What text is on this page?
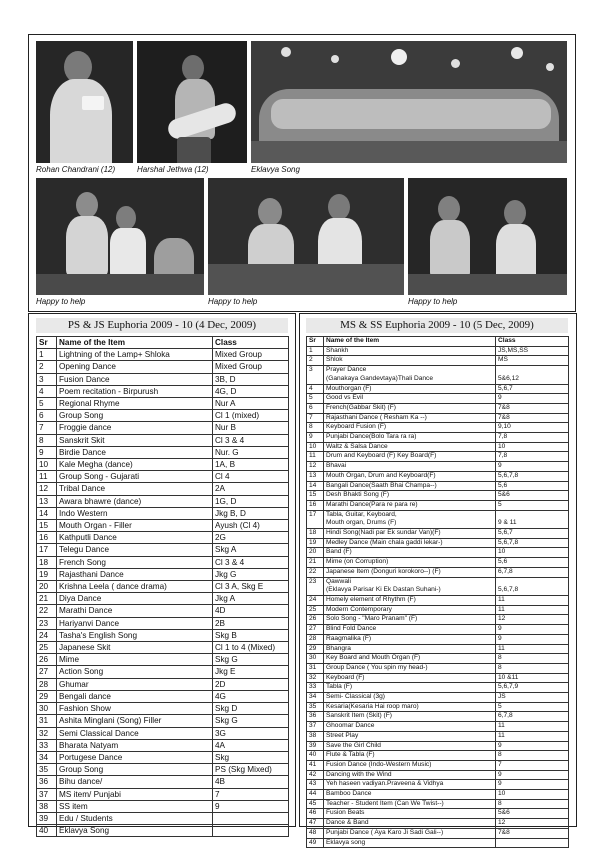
Rohan Chandrani (12)	Harshal Jethwa (12)	Eklavya Song
Happy to help	Happy to help	Happy to help
PS & JS Euphoria 2009 - 10 (4 Dec, 2009)
Sr	Name of the Item	Class
1	Lightning of the Lamp+ Shloka	Mixed Group
2	Opening Dance	Mixed Group
3	Fusion Dance	3B, D
4	Poem recitation - Birpurush	4G, D
5	Regional Rhyme	Nur A
6	Group Song	Cl 1 (mixed)
7	Froggie dance	Nur B
8	Sanskrit Skit	Cl 3 & 4
9	Birdie Dance	Nur. G
10	Kale Megha (dance)	1A, B
11	Group Song - Gujarati	Cl 4
12	Tribal Dance	2A
13	Awara bhawre (dance)	1G, D
14	Indo Western	Jkg B, D
15	Mouth Organ - Filler	Ayush (Cl 4)
16	Kathputli Dance	2G
17	Telegu Dance	Skg A
18	French Song	Cl 3 & 4
19	Rajasthani Dance	Jkg G
20	Krishna Leela ( dance drama)	Cl 3 A, Skg E
21	Diya Dance	Jkg A
22	Marathi Dance	4D
23	Hariyanvi Dance	2B
24	Tasha's English Song	Skg B
25	Japanese Skit	Cl 1 to 4 (Mixed)
26	Mime	Skg G
27	Action Song	Jkg E
28	Ghumar	2D
29	Bengali dance	4G
30	Fashion Show	Skg D
31	Ashita Minglani (Song) Filler	Skg G
32	Semi Classical Dance	3G
33	Bharata Natyam	4A
34	Portugese Dance	Skg
35	Group Song	PS (Skg Mixed)
36	Bihu dance/	4B
37	MS item/ Punjabi	7
38	SS item	9
39	Edu / Students	
40	Eklavya Song	
MS & SS Euphoria 2009 - 10 (5 Dec, 2009)
Sr	Name of the Item	Class
1	Shankh	JS,MS,SS

2	Shlok	MS

3	Prayer Dance
(Ganakaya Gandevtaya)Thali Dance	5&6,12

4	Mouthorgan (F)	5,6,7

5	Good vs Evil	9

6	French(Gabbar Skit) (F)	7&8

7	Rajasthani Dance ( Resham Ka --)	7&8

8	Keyboard Fusion (F)	9,10

9	Punjabi Dance(Bolo Tara ra ra)	7,8

10	Waltz & Salsa Dance	10

11	Drum and Keyboard (F) Key Board(F)	7,8

12	Bhavai	9

13	Mouth Organ, Drum and Keyboard(F)	5,6,7,8

14	Bangali Dance(Saath Bhai Champa--)	5,6

15	Desh Bhakti Song (F)	5&6

16	Marathi Dance(Para re para re)	5

17	Tabla, Guitar, Keyboard,
Mouth organ, Drums (F)	9 & 11

18	Hindi Song(Nadi par Ek sundar Van)(F)	5,6,7

19	Medley Dance (Main chala gaddi lekar-)	5,6,7,8

20	Band (F)	10

21	Mime (on Corruption)	5,6

22	Japanese Item (Donguri korokoro--) (F)	6,7,8

23	Qawwali
(Eklavya Parisar Ki Ek Dastan Suhani-)	5,6,7,8

24	Homely element of Rhythm (F)	11

25	Modern Contemporary	11

26	Solo Song - "Maro Pranam" (F)	12

27	Blind Fold Dance	9

28	Raagmalika (F)	9

29	Bhangra	11

30	Key Board and Mouth Organ (F)	8

31	Group Dance ( You spin my head-)	8

32	Keyboard (F)	10 &11

33	Tabla (F)	5,6,7,9

34	Semi- Classical (3g)	JS

35	Kesaria(Kesaria Hai roop maro)	5

36	Sanskrit Item (Skit) (F)	6,7,8

37	Ghoomar Dance	11

38	Street Play	11

39	Save the Girl Child	9

40	Flute & Tabla (F)	8

41	Fusion Dance (Indo-Western Music)	7

42	Dancing with the Wind	9

43	Yeh haseen vadiyan.Praveena & Vidhya	9

44	Bamboo Dance	10

45	Teacher - Student Item (Can We Twist--)	8

46	Fusion Beats	5&6

47	Dance & Band	12

48	Punjabi Dance ( Aya Karo Ji Sadi Gali--)	7&8

49	Eklavya song
